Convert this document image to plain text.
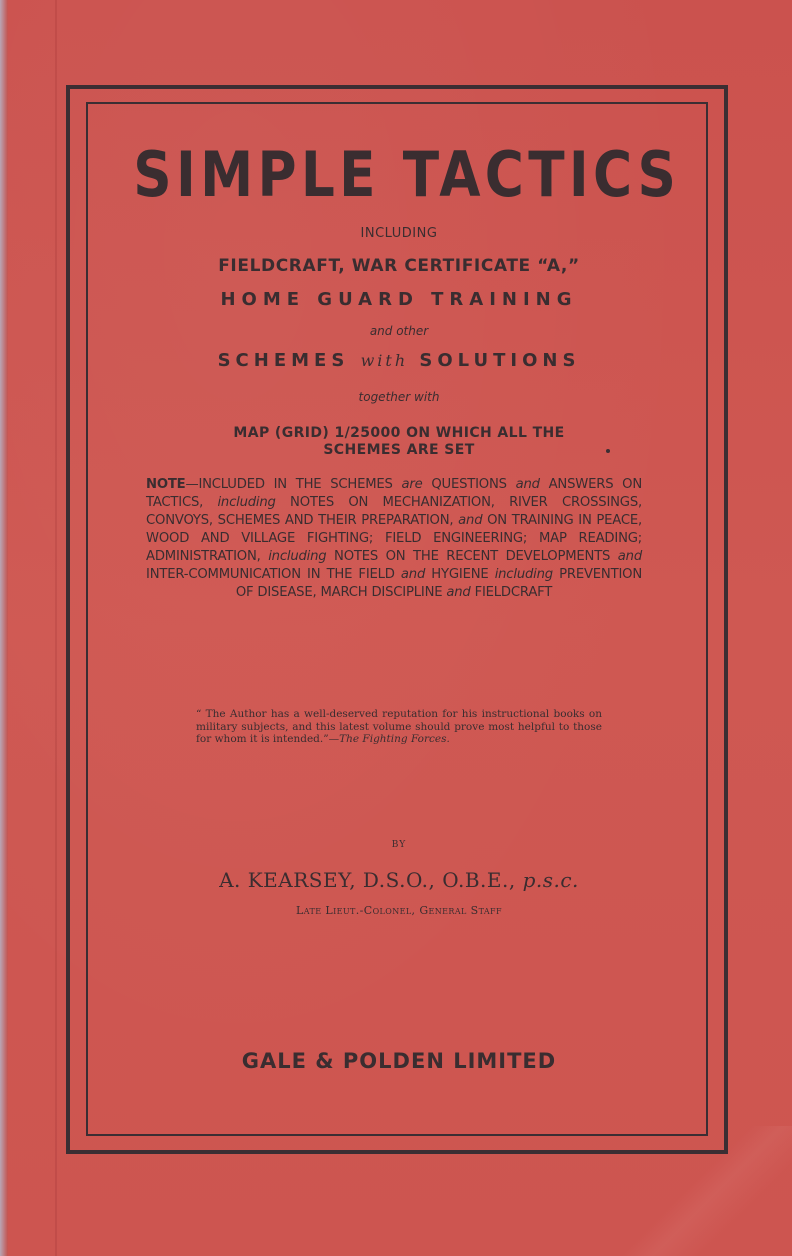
SIMPLE TACTICS
INCLUDING
FIELDCRAFT, WAR CERTIFICATE “A,”
HOME GUARD TRAINING
and other
SCHEMES with SOLUTIONS
together with
MAP (GRID) 1/25000 ON WHICH ALL THE
SCHEMES ARE SET
NOTE—INCLUDED IN THE SCHEMES are QUESTIONS and ANSWERS ON TACTICS, including NOTES ON MECHANIZATION, RIVER CROSSINGS, CONVOYS, SCHEMES AND THEIR PREPARATION, and ON TRAINING IN PEACE, WOOD AND VILLAGE FIGHTING; FIELD ENGINEERING; MAP READING; ADMINISTRATION, including NOTES ON THE RECENT DEVELOPMENTS and INTER-COMMUNICATION IN THE FIELD and HYGIENE including PREVENTION OF DISEASE, MARCH DISCIPLINE and FIELDCRAFT
“ The Author has a well-deserved reputation for his instructional books on military subjects, and this latest volume should prove most helpful to those for whom it is intended.”—The Fighting Forces.
BY
A. KEARSEY, D.S.O., O.B.E., p.s.c.
Late Lieut.-Colonel, General Staff
GALE & POLDEN LIMITED
